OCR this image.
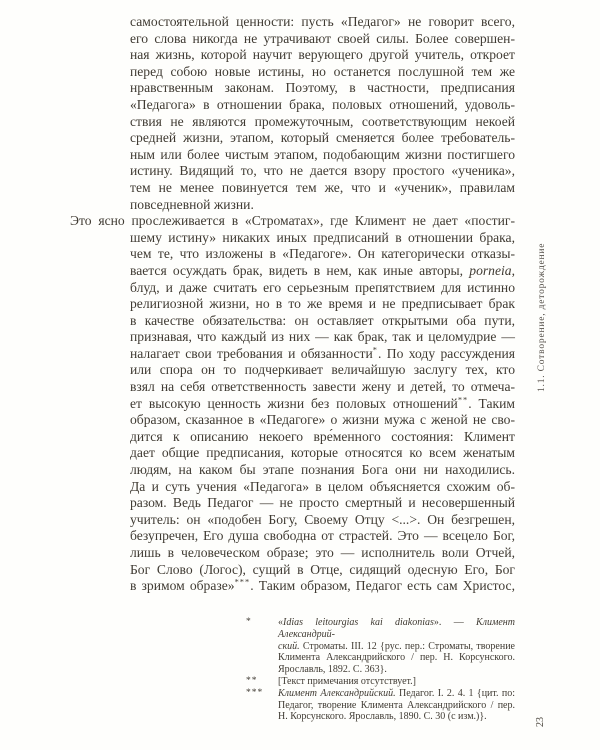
самостоятельной ценности: пусть «Педагог» не говорит всего,
его слова никогда не утрачивают своей силы. Более совершен-
ная жизнь, которой научит верующего другой учитель, откроет
перед собою новые истины, но останется послушной тем же
нравственным законам. Поэтому, в частности, предписания
«Педагога» в отношении брака, половых отношений, удоволь-
ствия не являются промежуточным, соответствующим некоей
средней жизни, этапом, который сменяется более требователь-
ным или более чистым этапом, подобающим жизни постигшего
истину. Видящий то, что не дается взору простого «ученика»,
тем не менее повинуется тем же, что и «ученик», правилам
повседневной жизни.
Это ясно прослеживается в «Строматах», где Климент не дает «постиг-
шему истину» никаких иных предписаний в отношении брака,
чем те, что изложены в «Педагоге». Он категорически отказы-
вается осуждать брак, видеть в нем, как иные авторы, porneia,
блуд, и даже считать его серьезным препятствием для истинно
религиозной жизни, но в то же время и не предписывает брак
в качестве обязательства: он оставляет открытыми оба пути,
признавая, что каждый из них — как брак, так и целомудрие —
налагает свои требования и обязанности*. По ходу рассуждения
или спора он то подчеркивает величайшую заслугу тех, кто
взял на себя ответственность завести жену и детей, то отмеча-
ет высокую ценность жизни без половых отношений**. Таким
образом, сказанное в «Педагоге» о жизни мужа с женой не сво-
дится к описанию некоего вре́менного состояния: Климент
дает общие предписания, которые относятся ко всем женатым
людям, на каком бы этапе познания Бога они ни находились.
Да и суть учения «Педагога» в целом объясняется схожим об-
разом. Ведь Педагог — не просто смертный и несовершенный
учитель: он «подобен Богу, Своему Отцу <...>. Он безгрешен,
безупречен, Его душа свободна от страстей. Это — всецело Бог,
лишь в человеческом образе; это — исполнитель воли Отчей,
Бог Слово (Логос), сущий в Отце, сидящий одесную Его, Бог
в зримом образе»***. Таким образом, Педагог есть сам Христос,
*	«Idias leitourgias kai diakonias». — Климент Александрий-
ский. Строматы. III. 12 {рус. пер.: Строматы, творение
Климента Александрийского / пер. Н. Корсунского.
Ярославль, 1892. С. 363}.
**	[Текст примечания отсутствует.]
***	Климент Александрийский. Педагог. I. 2. 4. 1 {цит. по:
Педагог, творение Климента Александрийского / пер.
Н. Корсунского. Ярославль, 1890. С. 30 (с изм.)}.
1.1. Сотворение, деторождение
23
